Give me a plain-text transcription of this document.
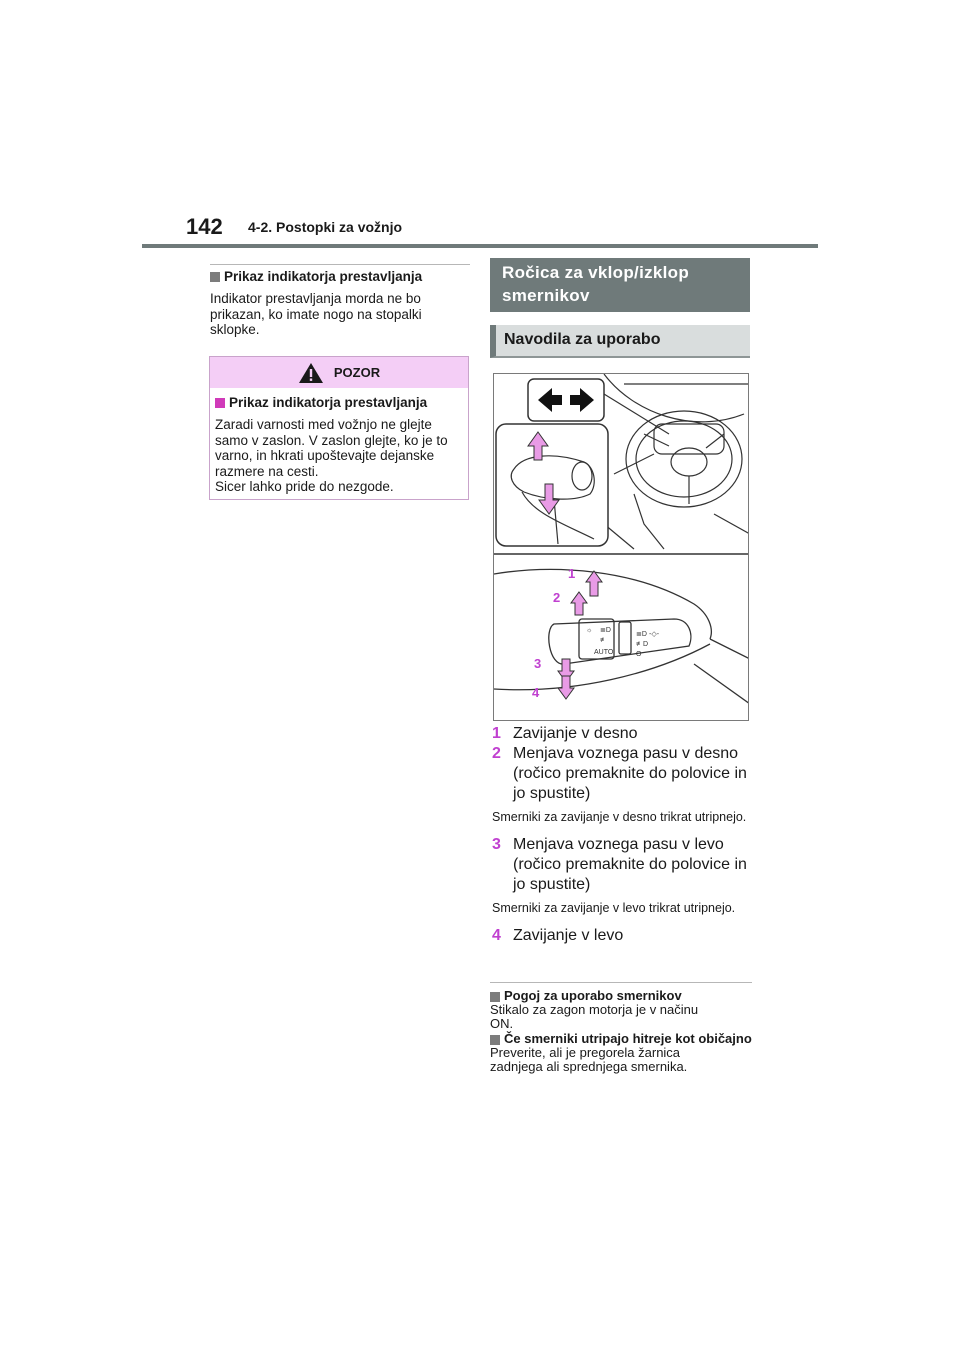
142 4-2. Postopki za vožnjo
Prikaz indikatorja prestavljanja
Indikator prestavljanja morda ne bo prikazan, ko imate nogo na stopalki sklopke.
POZOR
Prikaz indikatorja prestavljanja
Zaradi varnosti med vožnjo ne glejte samo v zaslon. V zaslon glejte, ko je to varno, in hkrati upoštevajte dejanske razmere na cesti.
Sicer lahko pride do nezgode.
Ročica za vklop/izklop smernikov
Navodila za uporabo
☼ ≣D
≢
AUTO
≣D -◇-
≢D
O
1
2
3
4
1 Zavijanje v desno
2 Menjava voznega pasu v desno (ročico premaknite do polovice in jo spustite)
Smerniki za zavijanje v desno trikrat utripnejo.
3 Menjava voznega pasu v levo (ročico premaknite do polovice in jo spustite)
Smerniki za zavijanje v levo trikrat utripnejo.
4 Zavijanje v levo
Pogoj za uporabo smernikov
Stikalo za zagon motorja je v načinu ON.
Če smerniki utripajo hitreje kot običajno
Preverite, ali je pregorela žarnica zadnjega ali sprednjega smernika.
